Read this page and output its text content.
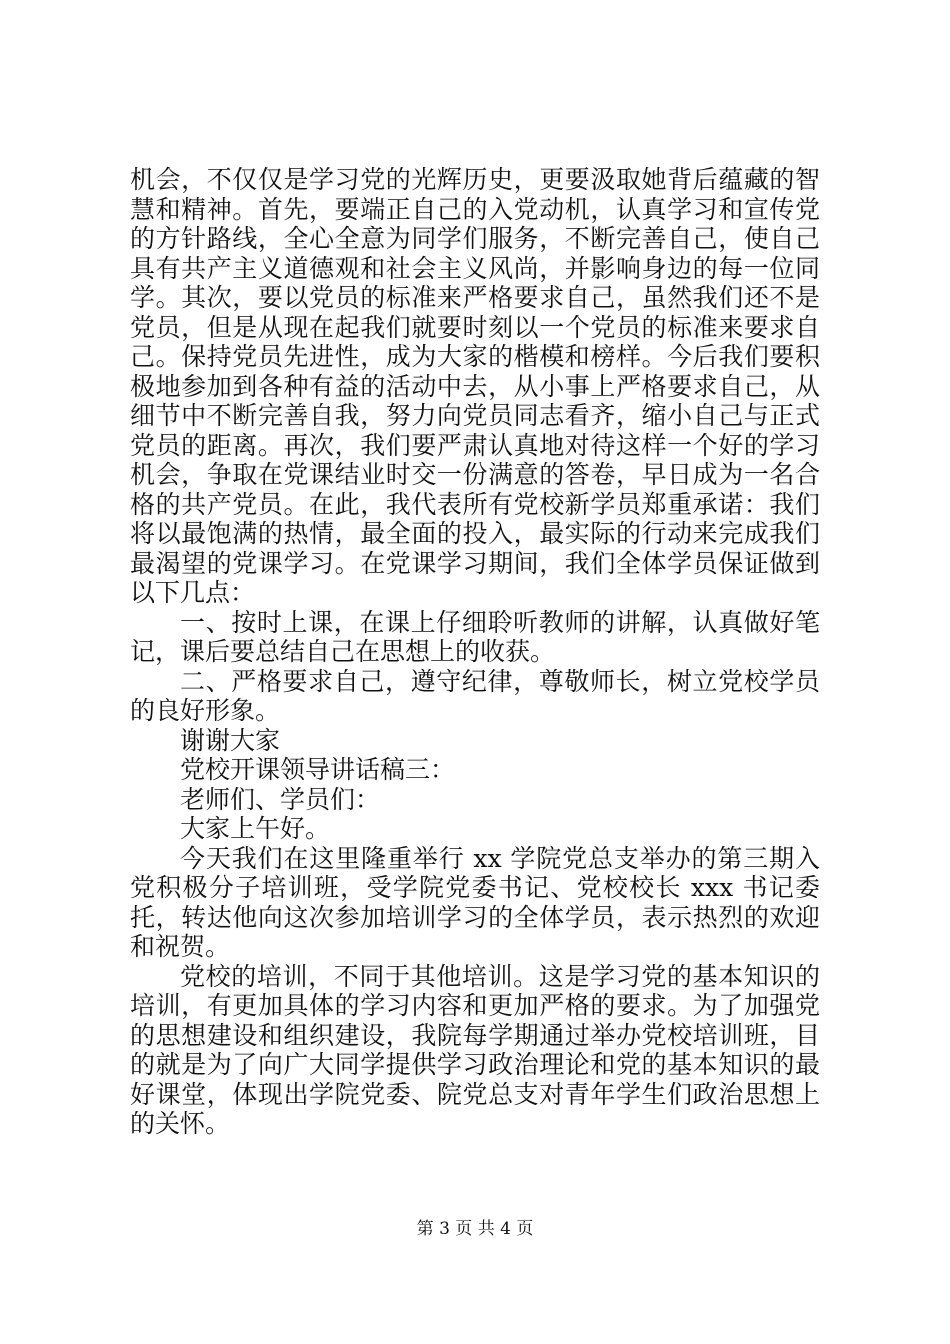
机会，不仅仅是学习党的光辉历史，更要汲取她背后蕴藏的智慧和精神。首先，要端正自己的入党动机，认真学习和宣传党的方针路线，全心全意为同学们服务，不断完善自己，使自己具有共产主义道德观和社会主义风尚，并影响身边的每一位同学。其次，要以党员的标准来严格要求自己，虽然我们还不是党员，但是从现在起我们就要时刻以一个党员的标准来要求自己。保持党员先进性，成为大家的楷模和榜样。今后我们要积极地参加到各种有益的活动中去，从小事上严格要求自己，从细节中不断完善自我，努力向党员同志看齐，缩小自己与正式党员的距离。再次，我们要严肃认真地对待这样一个好的学习机会，争取在党课结业时交一份满意的答卷，早日成为一名合格的共产党员。在此，我代表所有党校新学员郑重承诺：我们将以最饱满的热情，最全面的投入，最实际的行动来完成我们最渴望的党课学习。在党课学习期间，我们全体学员保证做到以下几点：

一、按时上课，在课上仔细聆听教师的讲解，认真做好笔记，课后要总结自己在思想上的收获。

二、严格要求自己，遵守纪律，尊敬师长，树立党校学员的良好形象。

谢谢大家

党校开课领导讲话稿三：

老师们、学员们：

大家上午好。

今天我们在这里隆重举行 xx 学院党总支举办的第三期入党积极分子培训班，受学院党委书记、党校校长 xxx 书记委托，转达他向这次参加培训学习的全体学员，表示热烈的欢迎和祝贺。

党校的培训，不同于其他培训。这是学习党的基本知识的培训，有更加具体的学习内容和更加严格的要求。为了加强党的思想建设和组织建设，我院每学期通过举办党校培训班，目的就是为了向广大同学提供学习政治理论和党的基本知识的最好课堂，体现出学院党委、院党总支对青年学生们政治思想上的关怀。

第 3 页 共 4 页
